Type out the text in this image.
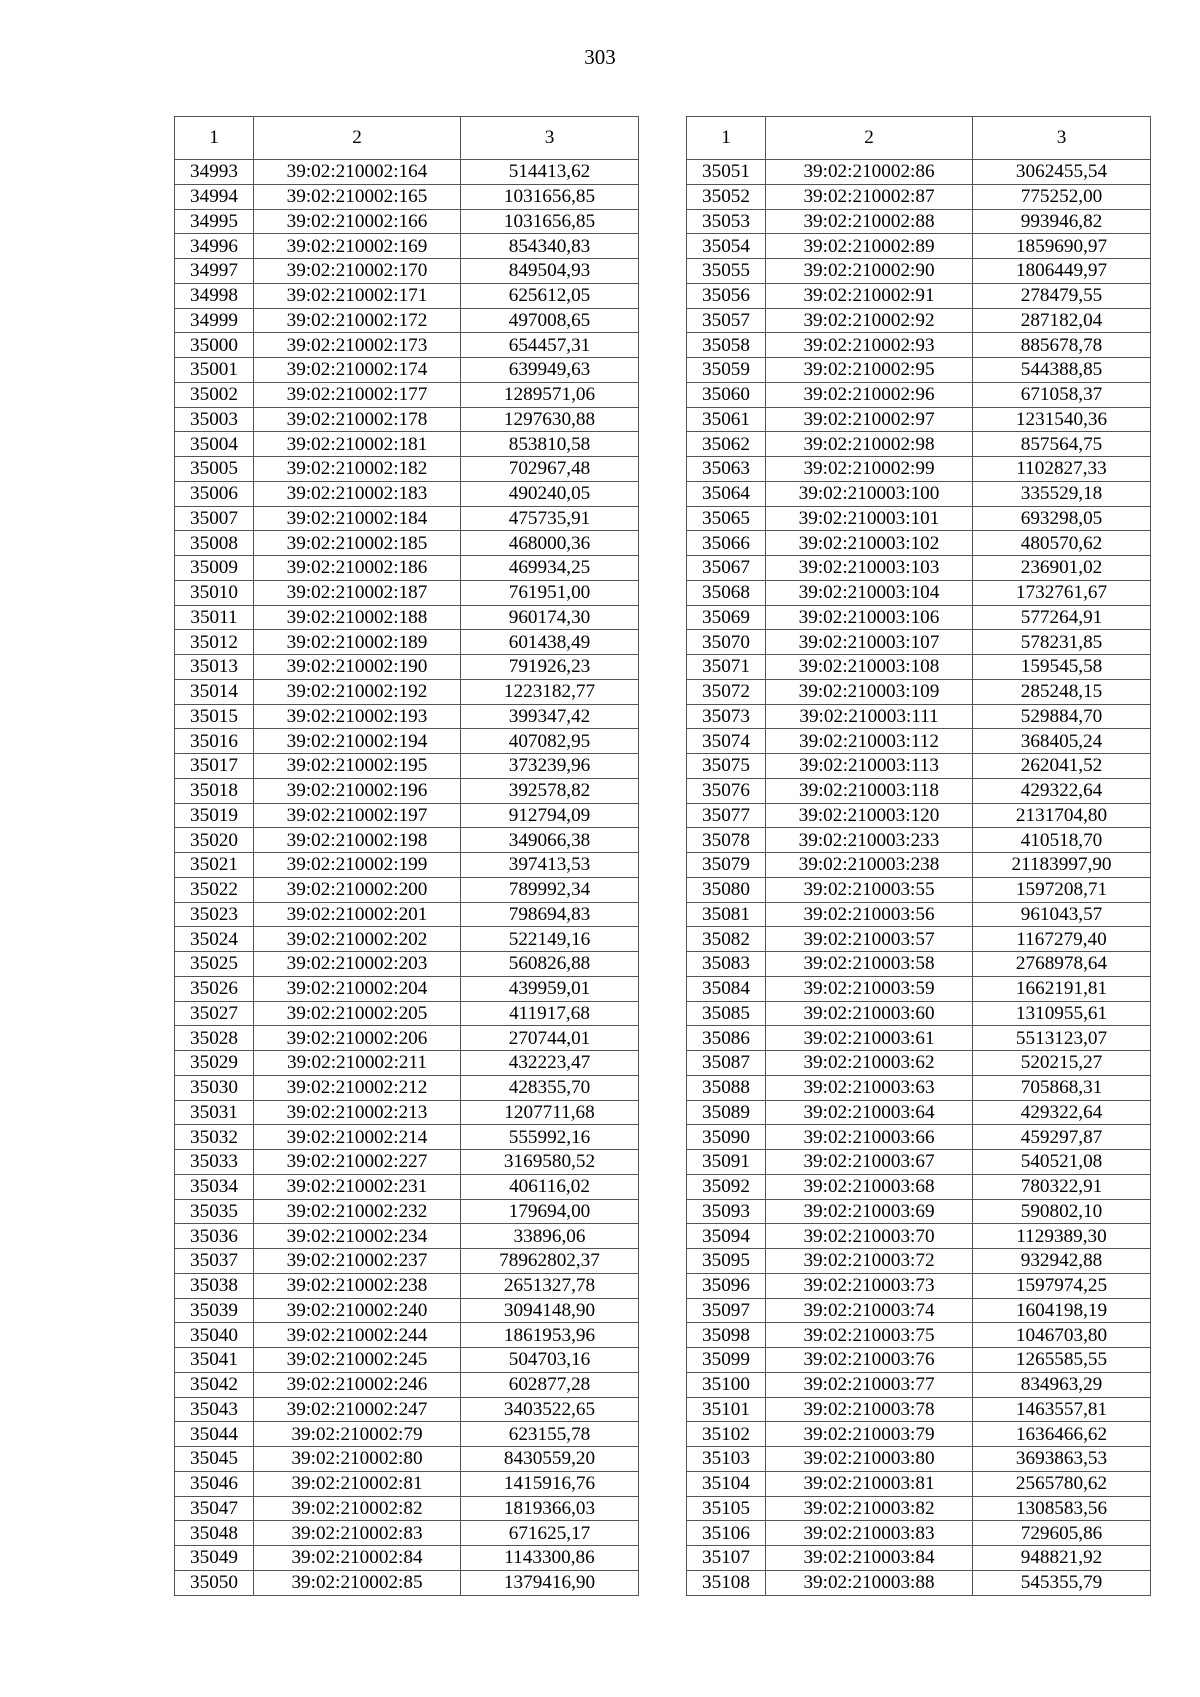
303
1	2	3
34993	39:02:210002:164	514413,62
34994	39:02:210002:165	1031656,85
34995	39:02:210002:166	1031656,85
34996	39:02:210002:169	854340,83
34997	39:02:210002:170	849504,93
34998	39:02:210002:171	625612,05
34999	39:02:210002:172	497008,65
35000	39:02:210002:173	654457,31
35001	39:02:210002:174	639949,63
35002	39:02:210002:177	1289571,06
35003	39:02:210002:178	1297630,88
35004	39:02:210002:181	853810,58
35005	39:02:210002:182	702967,48
35006	39:02:210002:183	490240,05
35007	39:02:210002:184	475735,91
35008	39:02:210002:185	468000,36
35009	39:02:210002:186	469934,25
35010	39:02:210002:187	761951,00
35011	39:02:210002:188	960174,30
35012	39:02:210002:189	601438,49
35013	39:02:210002:190	791926,23
35014	39:02:210002:192	1223182,77
35015	39:02:210002:193	399347,42
35016	39:02:210002:194	407082,95
35017	39:02:210002:195	373239,96
35018	39:02:210002:196	392578,82
35019	39:02:210002:197	912794,09
35020	39:02:210002:198	349066,38
35021	39:02:210002:199	397413,53
35022	39:02:210002:200	789992,34
35023	39:02:210002:201	798694,83
35024	39:02:210002:202	522149,16
35025	39:02:210002:203	560826,88
35026	39:02:210002:204	439959,01
35027	39:02:210002:205	411917,68
35028	39:02:210002:206	270744,01
35029	39:02:210002:211	432223,47
35030	39:02:210002:212	428355,70
35031	39:02:210002:213	1207711,68
35032	39:02:210002:214	555992,16
35033	39:02:210002:227	3169580,52
35034	39:02:210002:231	406116,02
35035	39:02:210002:232	179694,00
35036	39:02:210002:234	33896,06
35037	39:02:210002:237	78962802,37
35038	39:02:210002:238	2651327,78
35039	39:02:210002:240	3094148,90
35040	39:02:210002:244	1861953,96
35041	39:02:210002:245	504703,16
35042	39:02:210002:246	602877,28
35043	39:02:210002:247	3403522,65
35044	39:02:210002:79	623155,78
35045	39:02:210002:80	8430559,20
35046	39:02:210002:81	1415916,76
35047	39:02:210002:82	1819366,03
35048	39:02:210002:83	671625,17
35049	39:02:210002:84	1143300,86
35050	39:02:210002:85	1379416,90
1	2	3
35051	39:02:210002:86	3062455,54
35052	39:02:210002:87	775252,00
35053	39:02:210002:88	993946,82
35054	39:02:210002:89	1859690,97
35055	39:02:210002:90	1806449,97
35056	39:02:210002:91	278479,55
35057	39:02:210002:92	287182,04
35058	39:02:210002:93	885678,78
35059	39:02:210002:95	544388,85
35060	39:02:210002:96	671058,37
35061	39:02:210002:97	1231540,36
35062	39:02:210002:98	857564,75
35063	39:02:210002:99	1102827,33
35064	39:02:210003:100	335529,18
35065	39:02:210003:101	693298,05
35066	39:02:210003:102	480570,62
35067	39:02:210003:103	236901,02
35068	39:02:210003:104	1732761,67
35069	39:02:210003:106	577264,91
35070	39:02:210003:107	578231,85
35071	39:02:210003:108	159545,58
35072	39:02:210003:109	285248,15
35073	39:02:210003:111	529884,70
35074	39:02:210003:112	368405,24
35075	39:02:210003:113	262041,52
35076	39:02:210003:118	429322,64
35077	39:02:210003:120	2131704,80
35078	39:02:210003:233	410518,70
35079	39:02:210003:238	21183997,90
35080	39:02:210003:55	1597208,71
35081	39:02:210003:56	961043,57
35082	39:02:210003:57	1167279,40
35083	39:02:210003:58	2768978,64
35084	39:02:210003:59	1662191,81
35085	39:02:210003:60	1310955,61
35086	39:02:210003:61	5513123,07
35087	39:02:210003:62	520215,27
35088	39:02:210003:63	705868,31
35089	39:02:210003:64	429322,64
35090	39:02:210003:66	459297,87
35091	39:02:210003:67	540521,08
35092	39:02:210003:68	780322,91
35093	39:02:210003:69	590802,10
35094	39:02:210003:70	1129389,30
35095	39:02:210003:72	932942,88
35096	39:02:210003:73	1597974,25
35097	39:02:210003:74	1604198,19
35098	39:02:210003:75	1046703,80
35099	39:02:210003:76	1265585,55
35100	39:02:210003:77	834963,29
35101	39:02:210003:78	1463557,81
35102	39:02:210003:79	1636466,62
35103	39:02:210003:80	3693863,53
35104	39:02:210003:81	2565780,62
35105	39:02:210003:82	1308583,56
35106	39:02:210003:83	729605,86
35107	39:02:210003:84	948821,92
35108	39:02:210003:88	545355,79
